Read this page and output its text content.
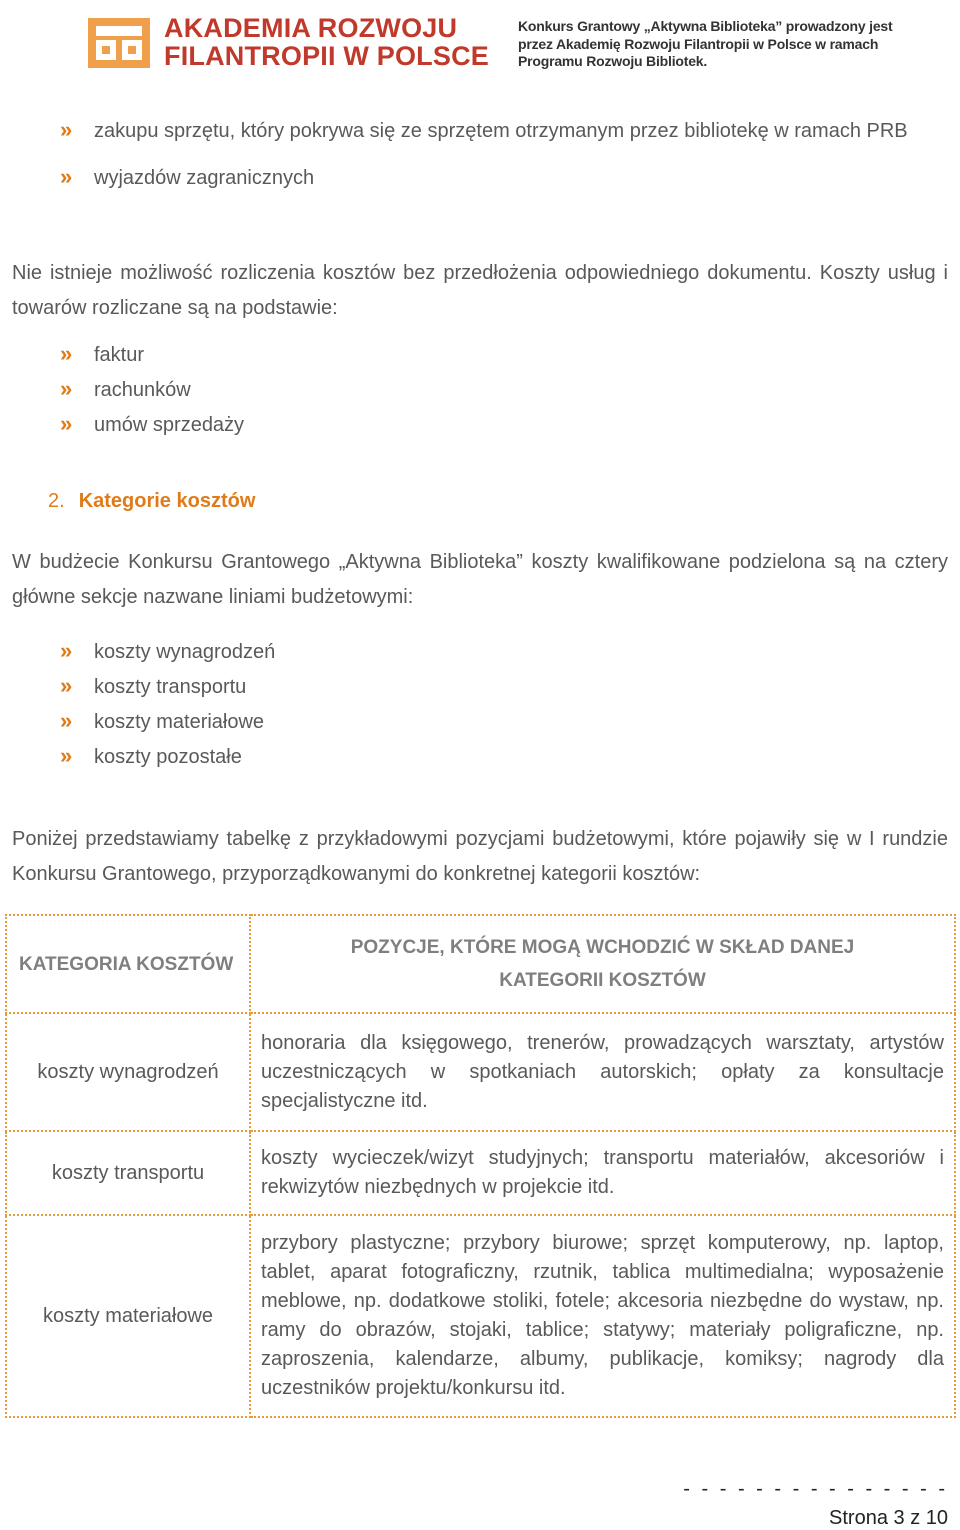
AKADEMIA ROZWOJU
FILANTROPII W POLSCE
Konkurs Grantowy „Aktywna Biblioteka” prowadzony jest
przez Akademię Rozwoju Filantropii w Polsce w ramach
Programu Rozwoju Bibliotek.
» zakupu sprzętu, który pokrywa się ze sprzętem otrzymanym przez bibliotekę w ramach PRB
» wyjazdów zagranicznych
Nie istnieje możliwość rozliczenia kosztów bez przedłożenia odpowiedniego dokumentu. Koszty usług i towarów rozliczane są na podstawie:
» faktur
» rachunków
» umów sprzedaży
2. Kategorie kosztów
W budżecie Konkursu Grantowego „Aktywna Biblioteka” koszty kwalifikowane podzielona są na cztery główne sekcje nazwane liniami budżetowymi:
» koszty wynagrodzeń
» koszty transportu
» koszty materiałowe
» koszty pozostałe
Poniżej przedstawiamy tabelkę z przykładowymi pozycjami budżetowymi, które pojawiły się w I rundzie Konkursu Grantowego, przyporządkowanymi do konkretnej kategorii kosztów:
KATEGORIA KOSZTÓW	POZYCJE, KTÓRE MOGĄ WCHODZIĆ W SKŁAD DANEJ
KATEGORII KOSZTÓW

koszty wynagrodzeń	honoraria dla księgowego, trenerów, prowadzących warsztaty, artystów uczestniczących w spotkaniach autorskich; opłaty za konsultacje specjalistyczne itd.
koszty transportu	koszty wycieczek/wizyt studyjnych; transportu materiałów, akcesoriów i rekwizytów niezbędnych w projekcie itd.
koszty materiałowe	przybory plastyczne; przybory biurowe; sprzęt komputerowy, np. laptop, tablet, aparat fotograficzny, rzutnik, tablica multimedialna; wyposażenie meblowe, np. dodatkowe stoliki, fotele; akcesoria niezbędne do wystaw, np. ramy do obrazów, stojaki, tablice; statywy; materiały poligraficzne, np. zaproszenia, kalendarze, albumy, publikacje, komiksy; nagrody dla uczestników projektu/konkursu itd.
- - - - - - - - - - - - - - -
Strona 3 z 10
